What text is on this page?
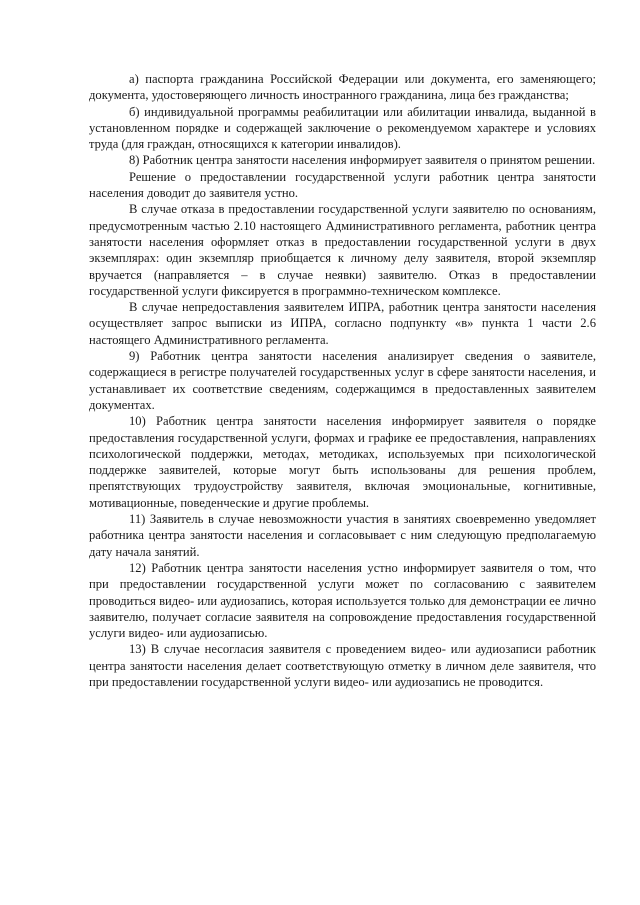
а) паспорта гражданина Российской Федерации или документа, его заменяющего; документа, удостоверяющего личность иностранного гражданина, лица без гражданства;

б) индивидуальной программы реабилитации или абилитации инвалида, выданной в установленном порядке и содержащей заключение о рекомендуемом характере и условиях труда (для граждан, относящихся к категории инвалидов).

8) Работник центра занятости населения информирует заявителя о принятом решении.

Решение о предоставлении государственной услуги работник центра занятости населения доводит до заявителя устно.

В случае отказа в предоставлении государственной услуги заявителю по основаниям, предусмотренным частью 2.10 настоящего Административного регламента, работник центра занятости населения оформляет отказ в предоставлении государственной услуги в двух экземплярах: один экземпляр приобщается к личному делу заявителя, второй экземпляр вручается (направляется – в случае неявки) заявителю. Отказ в предоставлении государственной услуги фиксируется в программно-техническом комплексе.

В случае непредоставления заявителем ИПРА, работник центра занятости населения осуществляет запрос выписки из ИПРА, согласно подпункту «в» пункта 1 части 2.6 настоящего Административного регламента.

9) Работник центра занятости населения анализирует сведения о заявителе, содержащиеся в регистре получателей государственных услуг в сфере занятости населения, и устанавливает их соответствие сведениям, содержащимся в предоставленных заявителем документах.

10) Работник центра занятости населения информирует заявителя о порядке предоставления государственной услуги, формах и графике ее предоставления, направлениях психологической поддержки, методах, методиках, используемых при психологической поддержке заявителей, которые могут быть использованы для решения проблем, препятствующих трудоустройству заявителя, включая эмоциональные, когнитивные, мотивационные, поведенческие и другие проблемы.

11) Заявитель в случае невозможности участия в занятиях своевременно уведомляет работника центра занятости населения и согласовывает с ним следующую предполагаемую дату начала занятий.

12) Работник центра занятости населения устно информирует заявителя о том, что при предоставлении государственной услуги может по согласованию с заявителем проводиться видео- или аудиозапись, которая используется только для демонстрации ее лично заявителю, получает согласие заявителя на сопровождение предоставления государственной услуги видео- или аудиозаписью.

13) В случае несогласия заявителя с проведением видео- или аудиозаписи работник центра занятости населения делает соответствующую отметку в личном деле заявителя, что при предоставлении государственной услуги видео- или аудиозапись не проводится.
